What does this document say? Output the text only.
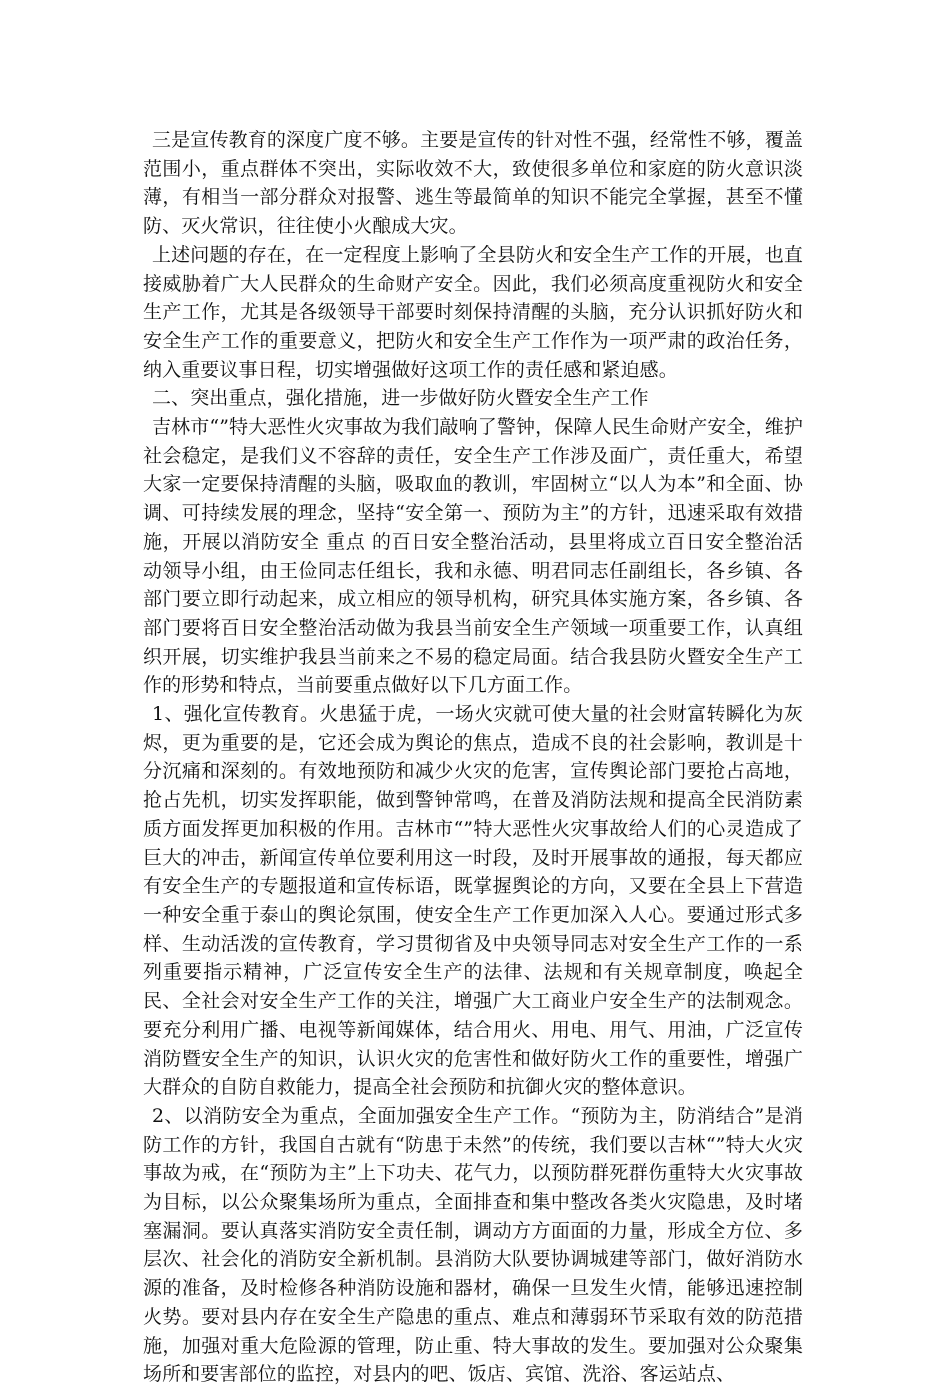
三是宣传教育的深度广度不够。主要是宣传的针对性不强，经常性不够，覆盖范围小，重点群体不突出，实际收效不大，致使很多单位和家庭的防火意识淡薄，有相当一部分群众对报警、逃生等最简单的知识不能完全掌握，甚至不懂防、灭火常识，往往使小火酿成大灾。

上述问题的存在，在一定程度上影响了全县防火和安全生产工作的开展，也直接威胁着广大人民群众的生命财产安全。因此，我们必须高度重视防火和安全生产工作，尤其是各级领导干部要时刻保持清醒的头脑，充分认识抓好防火和安全生产工作的重要意义，把防火和安全生产工作作为一项严肃的政治任务，纳入重要议事日程，切实增强做好这项工作的责任感和紧迫感。

二、突出重点，强化措施，进一步做好防火暨安全生产工作

吉林市“”特大恶性火灾事故为我们敲响了警钟，保障人民生命财产安全，维护社会稳定，是我们义不容辞的责任，安全生产工作涉及面广，责任重大，希望大家一定要保持清醒的头脑，吸取血的教训，牢固树立“以人为本”和全面、协调、可持续发展的理念，坚持“安全第一、预防为主”的方针，迅速采取有效措施，开展以消防安全 重点 的百日安全整治活动，县里将成立百日安全整治活动领导小组，由王俭同志任组长，我和永德、明君同志任副组长，各乡镇、各部门要立即行动起来，成立相应的领导机构，研究具体实施方案，各乡镇、各部门要将百日安全整治活动做为我县当前安全生产领域一项重要工作，认真组织开展，切实维护我县当前来之不易的稳定局面。结合我县防火暨安全生产工作的形势和特点，当前要重点做好以下几方面工作。

1、强化宣传教育。火患猛于虎，一场火灾就可使大量的社会财富转瞬化为灰烬，更为重要的是，它还会成为舆论的焦点，造成不良的社会影响，教训是十分沉痛和深刻的。有效地预防和减少火灾的危害，宣传舆论部门要抢占高地，抢占先机，切实发挥职能，做到警钟常鸣，在普及消防法规和提高全民消防素质方面发挥更加积极的作用。吉林市“”特大恶性火灾事故给人们的心灵造成了巨大的冲击，新闻宣传单位要利用这一时段，及时开展事故的通报，每天都应有安全生产的专题报道和宣传标语，既掌握舆论的方向，又要在全县上下营造一种安全重于泰山的舆论氛围，使安全生产工作更加深入人心。要通过形式多样、生动活泼的宣传教育，学习贯彻省及中央领导同志对安全生产工作的一系列重要指示精神，广泛宣传安全生产的法律、法规和有关规章制度，唤起全民、全社会对安全生产工作的关注，增强广大工商业户安全生产的法制观念。要充分利用广播、电视等新闻媒体，结合用火、用电、用气、用油，广泛宣传消防暨安全生产的知识，认识火灾的危害性和做好防火工作的重要性，增强广大群众的自防自救能力，提高全社会预防和抗御火灾的整体意识。

2、以消防安全为重点，全面加强安全生产工作。“预防为主，防消结合”是消防工作的方针，我国自古就有“防患于未然”的传统，我们要以吉林“”特大火灾事故为戒，在“预防为主”上下功夫、花气力，以预防群死群伤重特大火灾事故为目标，以公众聚集场所为重点，全面排查和集中整改各类火灾隐患，及时堵塞漏洞。要认真落实消防安全责任制，调动方方面面的力量，形成全方位、多层次、社会化的消防安全新机制。县消防大队要协调城建等部门，做好消防水源的准备，及时检修各种消防设施和器材，确保一旦发生火情，能够迅速控制火势。要对县内存在安全生产隐患的重点、难点和薄弱环节采取有效的防范措施，加强对重大危险源的管理，防止重、特大事故的发生。要加强对公众聚集场所和要害部位的监控，对县内的吧、饭店、宾馆、洗浴、客运站点、
